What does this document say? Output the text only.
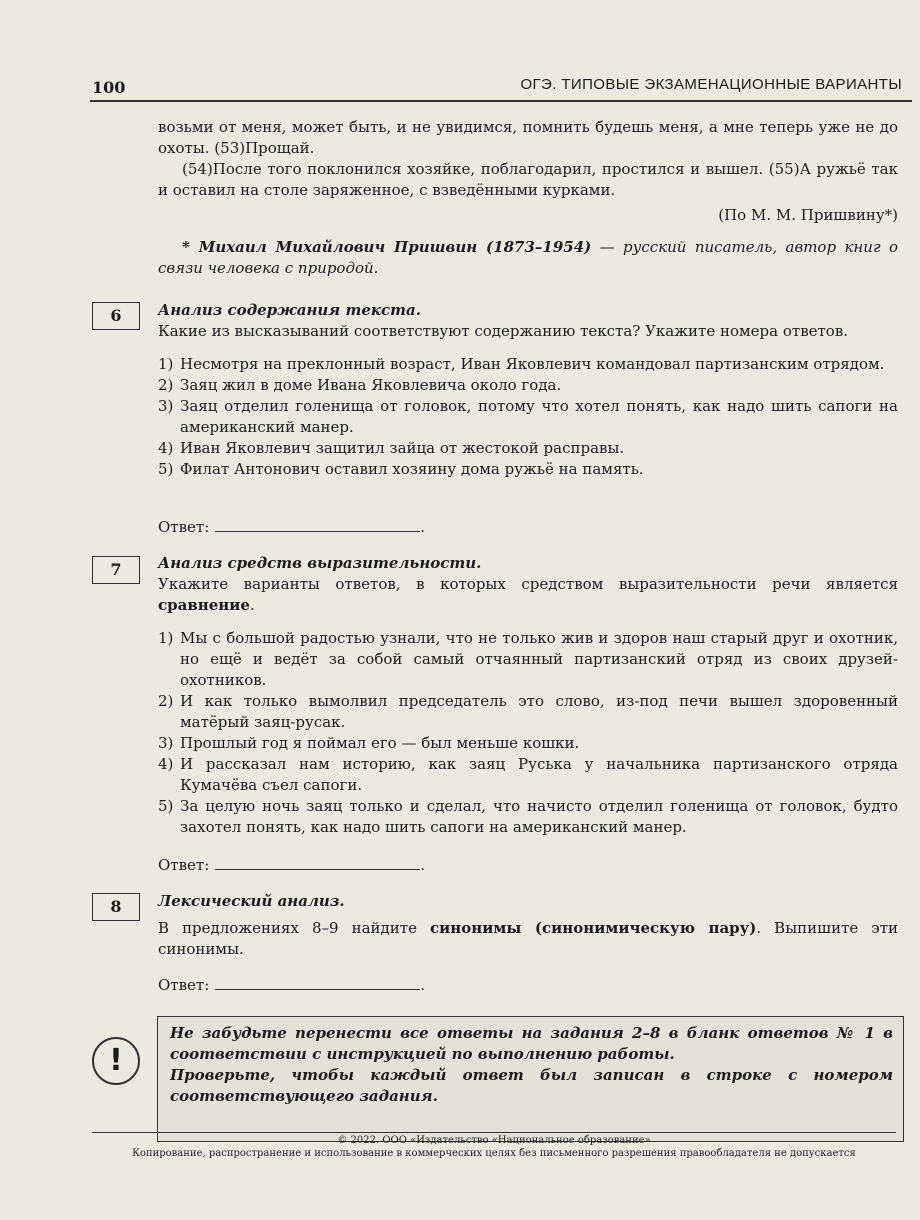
100	ОГЭ. ТИПОВЫЕ ЭКЗАМЕНАЦИОННЫЕ ВАРИАНТЫ
возьми от меня, может быть, и не увидимся, помнить будешь меня, а мне теперь уже не до охоты. (53)Прощай.
(54)После того поклонился хозяйке, поблагодарил, простился и вышел. (55)А ружьё так и оставил на столе заряженное, с взведёнными курками.
(По М. М. Пришвину*)
* Михаил Михайлович Пришвин (1873–1954) — русский писатель, автор книг о связи человека с природой.
6	Анализ содержания текста.
Какие из высказываний соответствуют содержанию текста? Укажите номера ответов.
1) Несмотря на преклонный возраст, Иван Яковлевич командовал партизанским отрядом.
2) Заяц жил в доме Ивана Яковлевича около года.
3) Заяц отделил голенища от головок, потому что хотел понять, как надо шить сапоги на американский манер.
4) Иван Яковлевич защитил зайца от жестокой расправы.
5) Филат Антонович оставил хозяину дома ружьё на память.
Ответ:	.
7	Анализ средств выразительности.
Укажите варианты ответов, в которых средством выразительности речи является сравнение.
1) Мы с большой радостью узнали, что не только жив и здоров наш старый друг и охотник, но ещё и ведёт за собой самый отчаянный партизанский отряд из своих друзей-охотников.
2) И как только вымолвил председатель это слово, из-под печи вышел здоровенный матёрый заяц-русак.
3) Прошлый год я поймал его — был меньше кошки.
4) И рассказал нам историю, как заяц Руська у начальника партизанского отряда Кумачёва съел сапоги.
5) За целую ночь заяц только и сделал, что начисто отделил голенища от головок, будто захотел понять, как надо шить сапоги на американский манер.
Ответ:	.
8	Лексический анализ.
В предложениях 8–9 найдите синонимы (синонимическую пару). Выпишите эти синонимы.
Ответ:	.
!
Не забудьте перенести все ответы на задания 2–8 в бланк ответов № 1 в соответствии с инструкцией по выполнению работы.
Проверьте, чтобы каждый ответ был записан в строке с номером соответствующего задания.
© 2022. ООО «Издательство «Национальное образование»
Копирование, распространение и использование в коммерческих целях без письменного разрешения правообладателя не допускается
